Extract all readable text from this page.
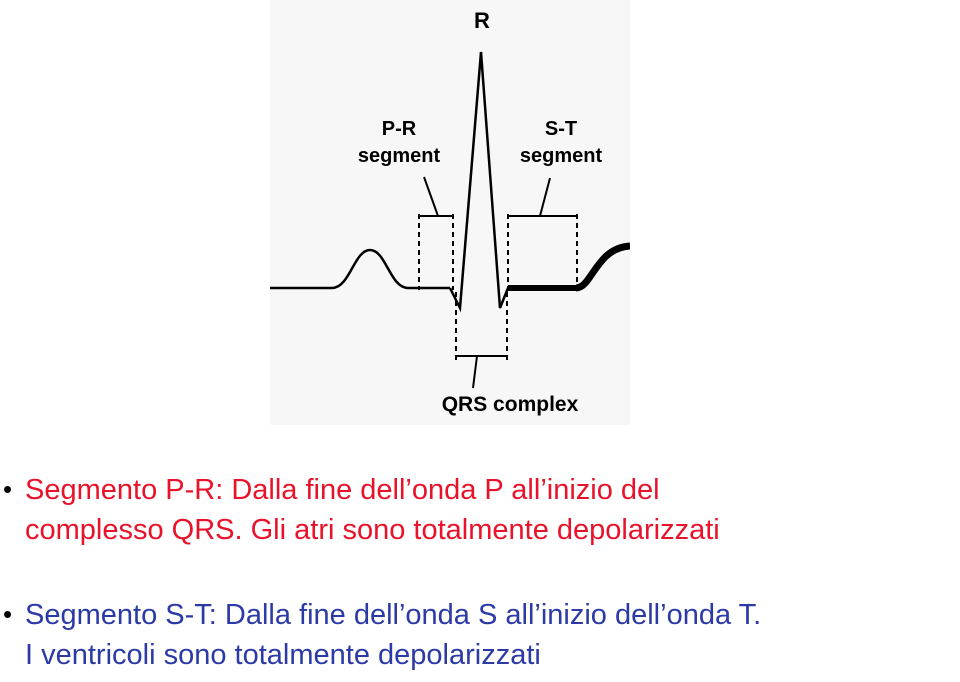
R
P-R
segment
S-T
segment
QRS complex
• Segmento P-R: Dalla fine dell’onda P all’inizio del
complesso QRS. Gli atri sono totalmente depolarizzati
• Segmento S-T: Dalla fine dell’onda S all’inizio dell’onda T.
I ventricoli sono totalmente depolarizzati
